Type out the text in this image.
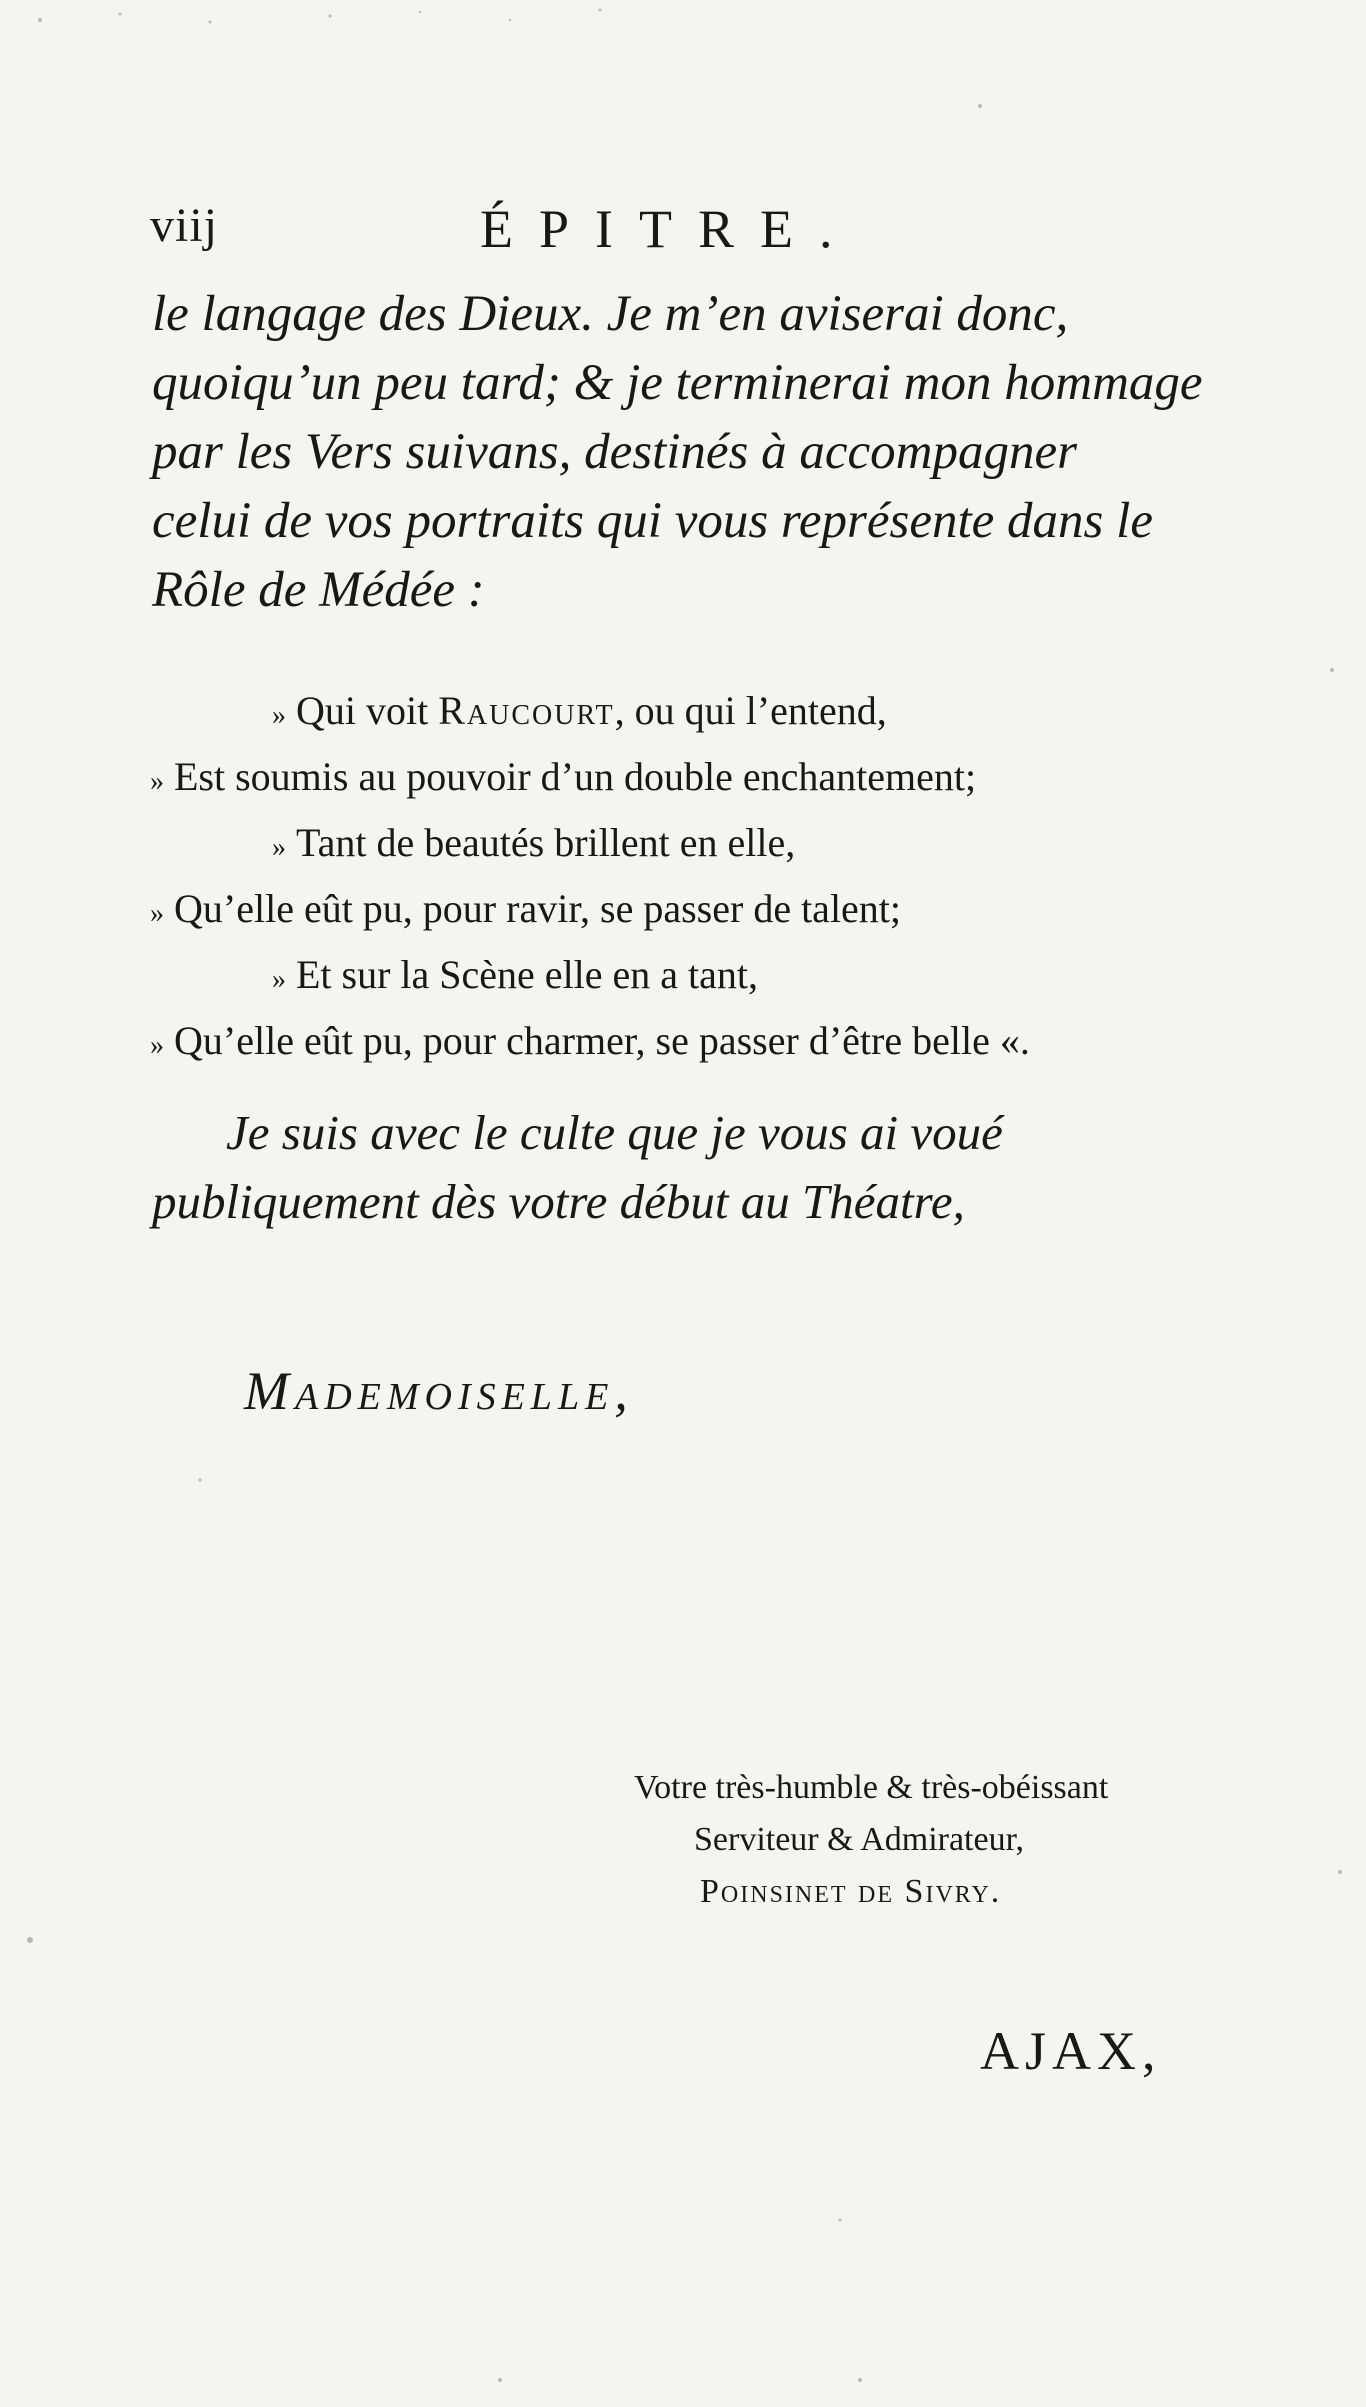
viij	ÉPITRE.

le langage des Dieux. Je m’en aviserai donc,
quoiqu’un peu tard; & je terminerai mon hommage
par les Vers suivans, destinés à accompagner
celui de vos portraits qui vous représente dans le
Rôle de Médée :

» Qui voit Raucourt, ou qui l’entend,
» Est soumis au pouvoir d’un double enchantement;
» Tant de beautés brillent en elle,
» Qu’elle eût pu, pour ravir, se passer de talent;
» Et sur la Scène elle en a tant,
» Qu’elle eût pu, pour charmer, se passer d’être belle «.

Je suis avec le culte que je vous ai voué
publiquement dès votre début au Théatre,

Mademoiselle,
Votre très-humble & très-obéissant
Serviteur & Admirateur,
Poinsinet de Sivry.
AJAX,
